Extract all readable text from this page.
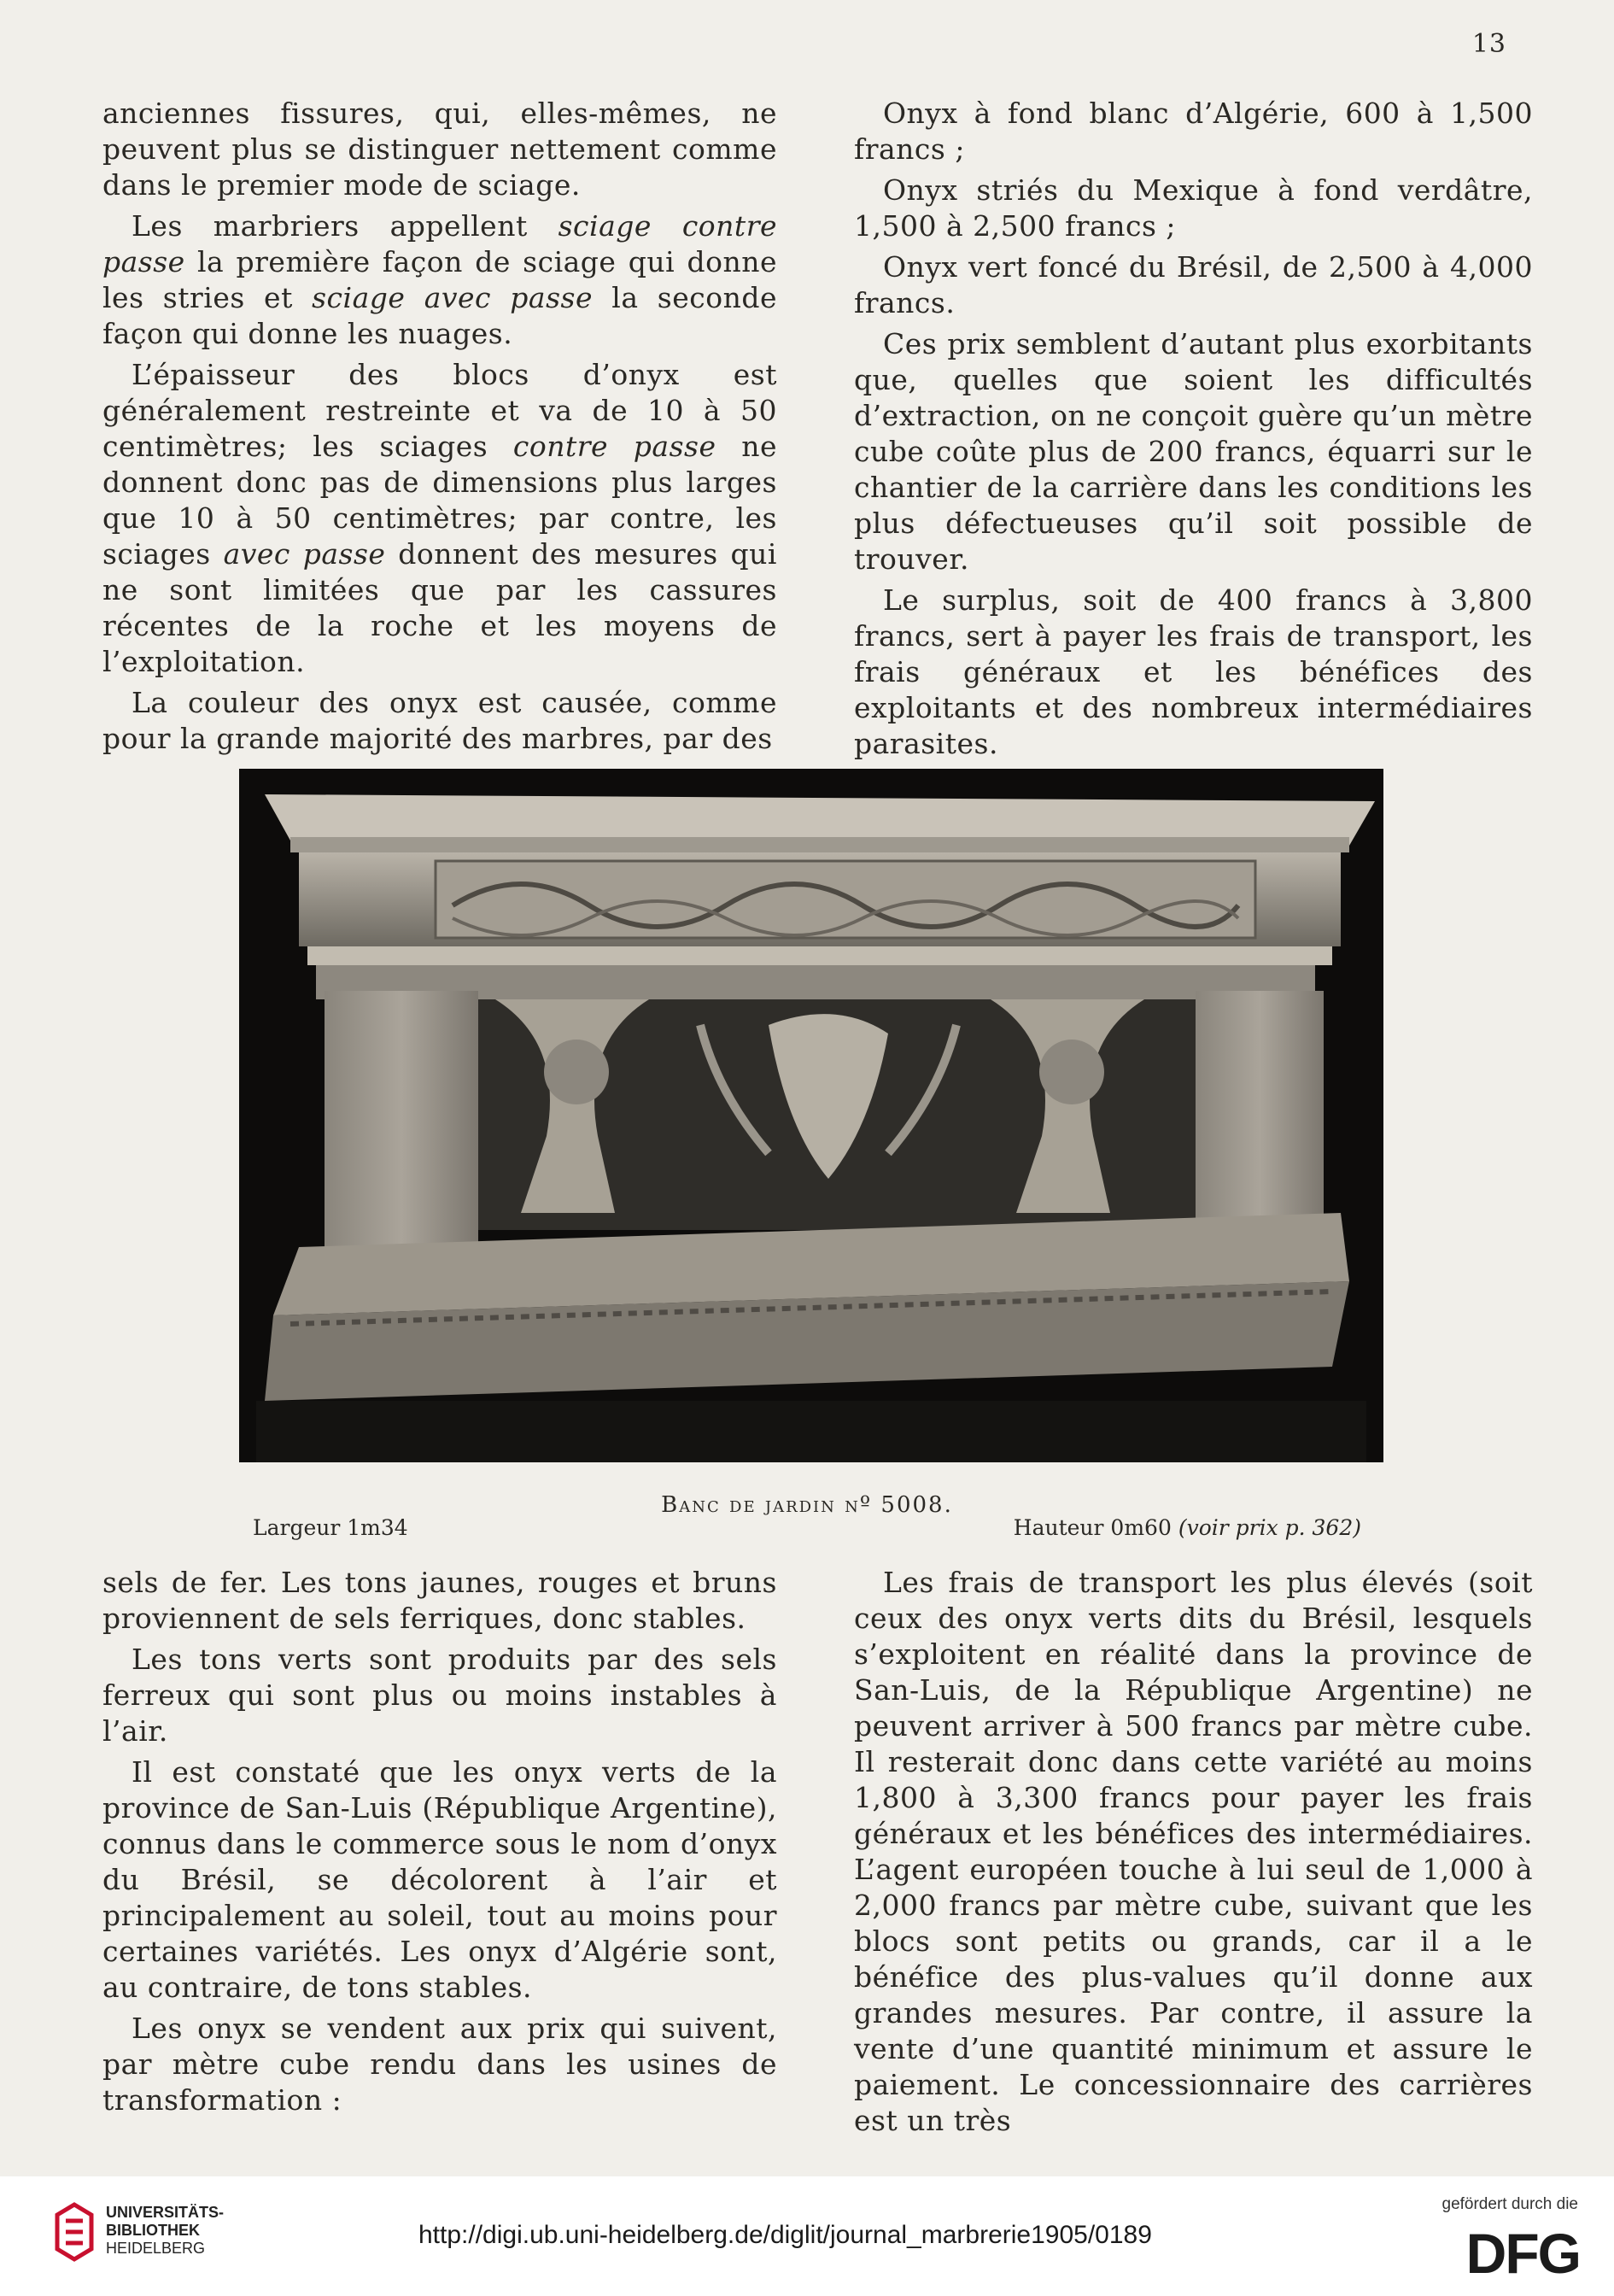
13

anciennes fissures, qui, elles-mêmes, ne peuvent plus se distinguer nettement comme dans le premier mode de sciage.

Les marbriers appellent sciage contre passe la première façon de sciage qui donne les stries et sciage avec passe la seconde façon qui donne les nuages.

L’épaisseur des blocs d’onyx est généralement restreinte et va de 10 à 50 centimètres; les sciages contre passe ne donnent donc pas de dimensions plus larges que 10 à 50 centimètres; par contre, les sciages avec passe donnent des mesures qui ne sont limitées que par les cassures récentes de la roche et les moyens de l’exploitation.

La couleur des onyx est causée, comme pour la grande majorité des marbres, par des

Onyx à fond blanc d’Algérie, 600 à 1,500 francs ;

Onyx striés du Mexique à fond verdâtre, 1,500 à 2,500 francs ;

Onyx vert foncé du Brésil, de 2,500 à 4,000 francs.

Ces prix semblent d’autant plus exorbitants que, quelles que soient les difficultés d’extraction, on ne conçoit guère qu’un mètre cube coûte plus de 200 francs, équarri sur le chantier de la carrière dans les conditions les plus défectueuses qu’il soit possible de trouver.

Le surplus, soit de 400 francs à 3,800 francs, sert à payer les frais de transport, les frais généraux et les bénéfices des exploitants et des nombreux intermédiaires parasites.

Banc de jardin nº 5008.
Largeur 1m34	Hauteur 0m60 (voir prix p. 362)

sels de fer. Les tons jaunes, rouges et bruns proviennent de sels ferriques, donc stables.

Les tons verts sont produits par des sels ferreux qui sont plus ou moins instables à l’air.

Il est constaté que les onyx verts de la province de San-Luis (République Argentine), connus dans le commerce sous le nom d’onyx du Brésil, se décolorent à l’air et principalement au soleil, tout au moins pour certaines variétés. Les onyx d’Algérie sont, au contraire, de tons stables.

Les onyx se vendent aux prix qui suivent, par mètre cube rendu dans les usines de transformation :

Les frais de transport les plus élevés (soit ceux des onyx verts dits du Brésil, lesquels s’exploitent en réalité dans la province de San-Luis, de la République Argentine) ne peuvent arriver à 500 francs par mètre cube. Il resterait donc dans cette variété au moins 1,800 à 3,300 francs pour payer les frais généraux et les bénéfices des intermédiaires. L’agent européen touche à lui seul de 1,000 à 2,000 francs par mètre cube, suivant que les blocs sont petits ou grands, car il a le bénéfice des plus-values qu’il donne aux grandes mesures. Par contre, il assure la vente d’une quantité minimum et assure le paiement. Le concessionnaire des carrières est un très

UNIVERSITÄTS-
BIBLIOTHEK
HEIDELBERG	http://digi.ub.uni-heidelberg.de/diglit/journal_marbrerie1905/0189
gefördert durch die
DFG
